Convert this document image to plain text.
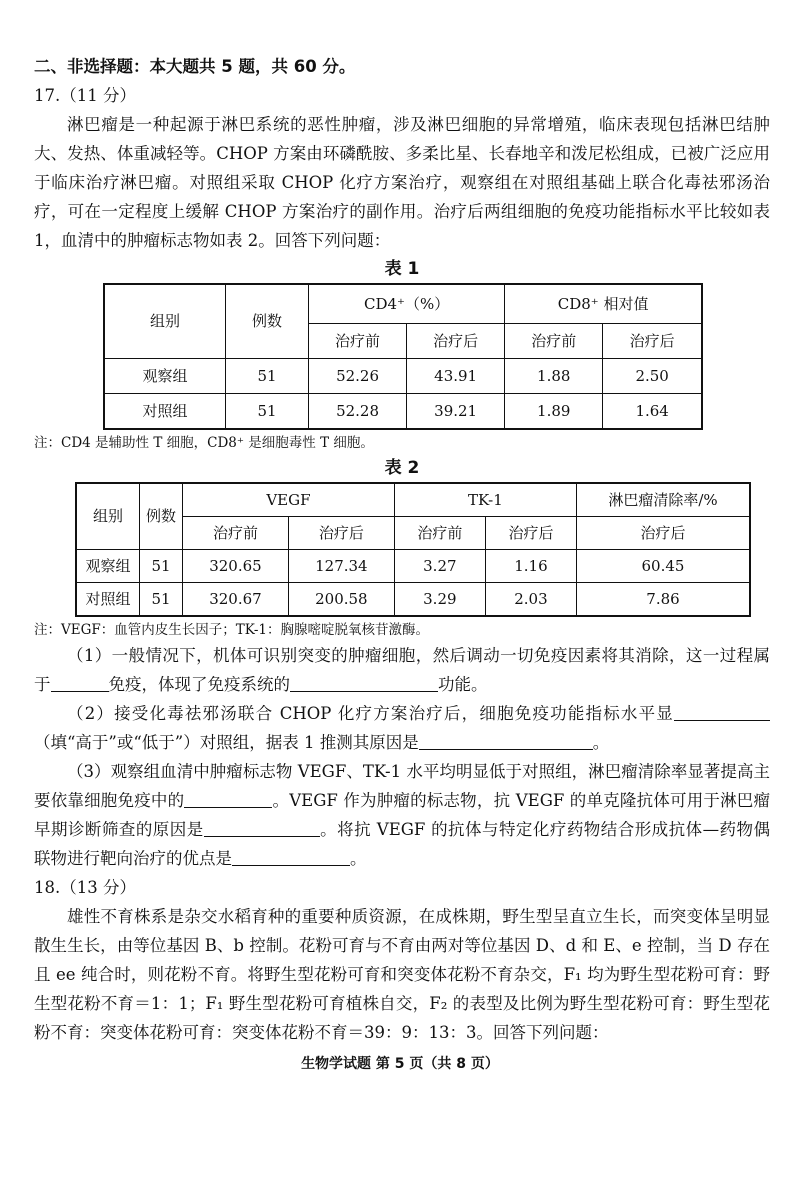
二、非选择题：本大题共 5 题，共 60 分。

17.（11 分）

淋巴瘤是一种起源于淋巴系统的恶性肿瘤，涉及淋巴细胞的异常增殖，临床表现包括淋巴结肿大、发热、体重减轻等。CHOP 方案由环磷酰胺、多柔比星、长春地辛和泼尼松组成，已被广泛应用于临床治疗淋巴瘤。对照组采取 CHOP 化疗方案治疗，观察组在对照组基础上联合化毒祛邪汤治疗，可在一定程度上缓解 CHOP 方案治疗的副作用。治疗后两组细胞的免疫功能指标水平比较如表 1，血清中的肿瘤标志物如表 2。回答下列问题：

表 1
组别	例数	CD4⁺（%）		CD8⁺ 相对值	
		治疗前	治疗后	治疗前	治疗后
观察组	51	52.26	43.91	1.88	2.50
对照组	51	52.28	39.21	1.89	1.64

注：CD4 是辅助性 T 细胞，CD8⁺ 是细胞毒性 T 细胞。

表 2
组别	例数	VEGF		TK-1		淋巴瘤清除率/%
		治疗前	治疗后	治疗前	治疗后	治疗后
观察组	51	320.65	127.34	3.27	1.16	60.45
对照组	51	320.67	200.58	3.29	2.03	7.86

注：VEGF：血管内皮生长因子；TK-1：胸腺嘧啶脱氧核苷激酶。

（1）一般情况下，机体可识别突变的肿瘤细胞，然后调动一切免疫因素将其消除，这一过程属于	免疫，体现了免疫系统的	功能。

（2）接受化毒祛邪汤联合 CHOP 化疗方案治疗后，细胞免疫功能指标水平显（填“高于”或“低于”）对照组，据表 1 推测其原因是	。

（3）观察组血清中肿瘤标志物 VEGF、TK-1 水平均明显低于对照组，淋巴瘤清除率显著提高主要依靠细胞免疫中的	。VEGF 作为肿瘤的标志物，抗 VEGF 的单克隆抗体可用于淋巴瘤早期诊断筛查的原因是	。将抗 VEGF 的抗体与特定化疗药物结合形成抗体—药物偶联物进行靶向治疗的优点是	。

18.（13 分）

雄性不育株系是杂交水稻育种的重要种质资源，在成株期，野生型呈直立生长，而突变体呈明显散生生长，由等位基因 B、b 控制。花粉可育与不育由两对等位基因 D、d 和 E、e 控制，当 D 存在且 ee 纯合时，则花粉不育。将野生型花粉可育和突变体花粉不育杂交，F₁ 均为野生型花粉可育：野生型花粉不育＝1：1；F₁ 野生型花粉可育植株自交，F₂ 的表型及比例为野生型花粉可育：野生型花粉不育：突变体花粉可育：突变体花粉不育＝39：9：13：3。回答下列问题：

生物学试题 第 5 页（共 8 页）
